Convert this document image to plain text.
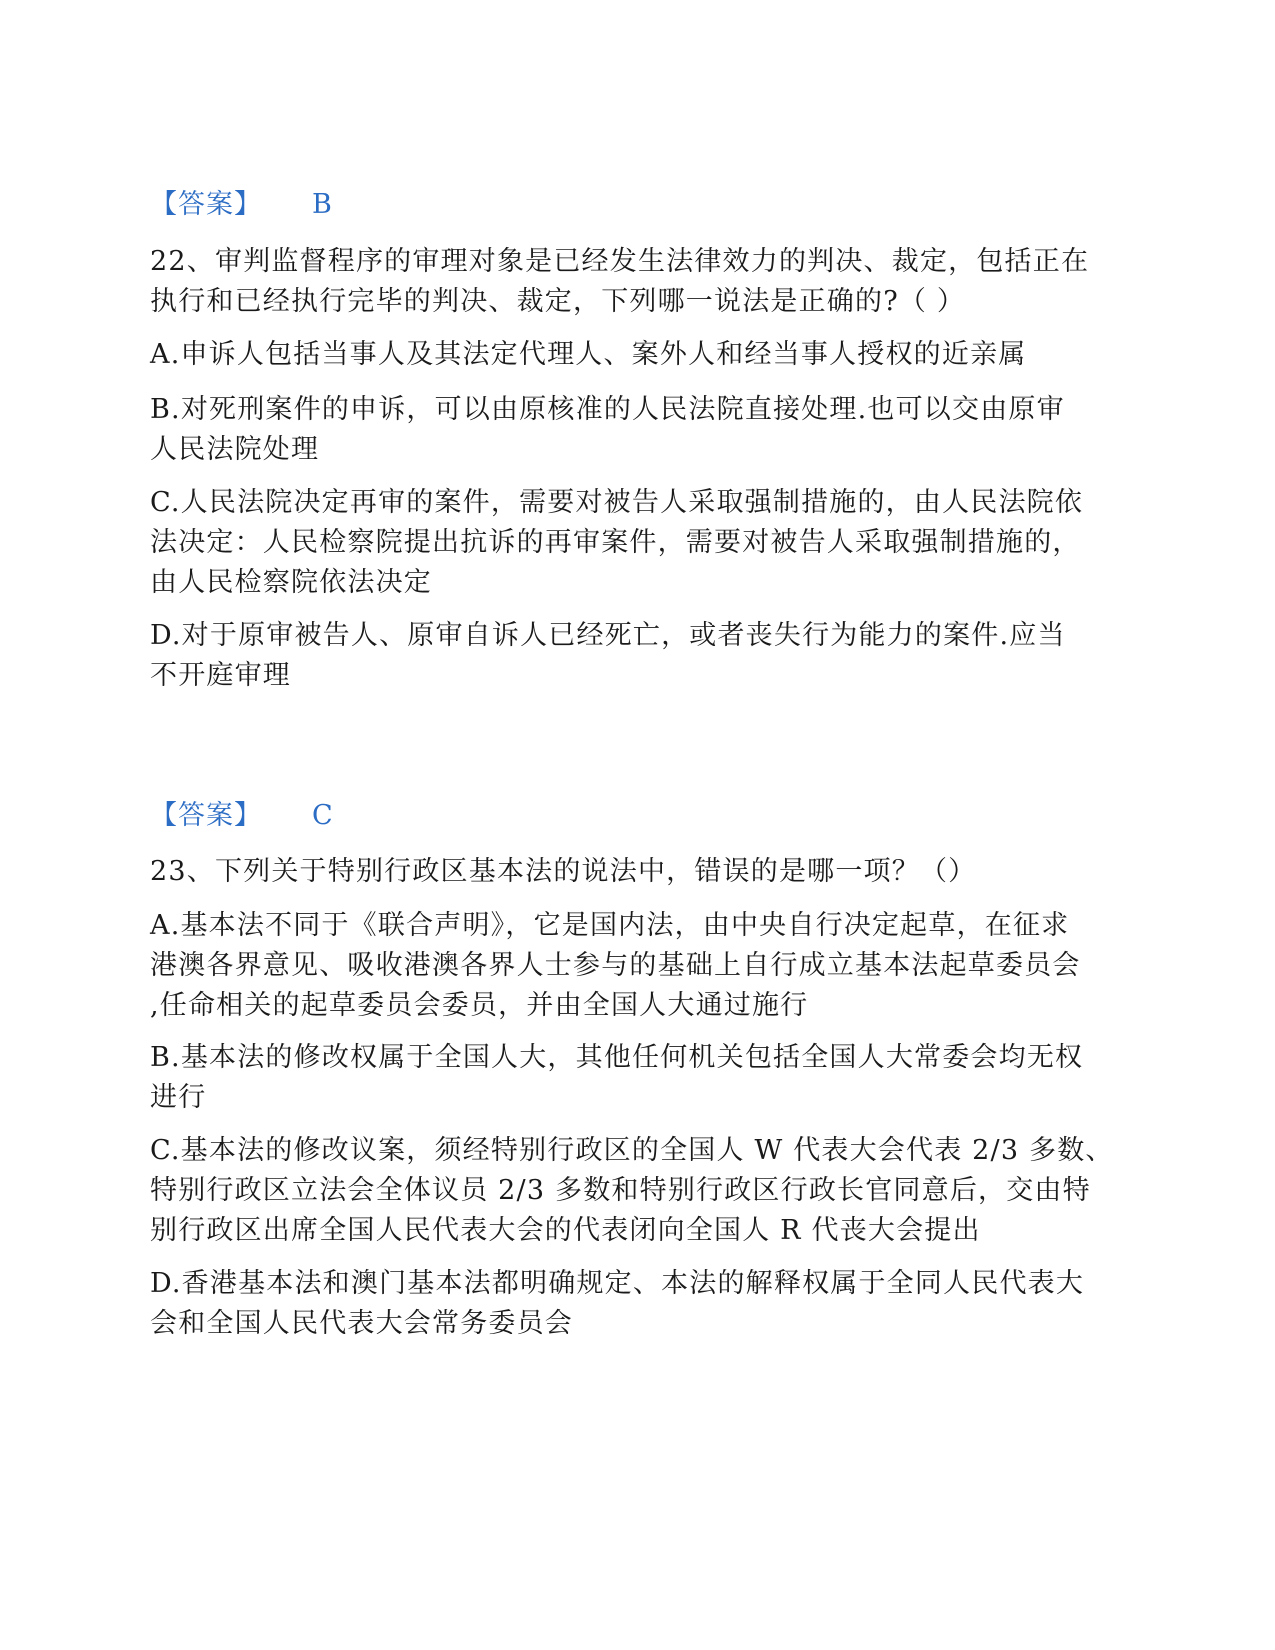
【答案】 B
22、审判监督程序的审理对象是已经发生法律效力的判决、裁定，包括正在
执行和已经执行完毕的判决、裁定，下列哪一说法是正确的?（ ）
A.申诉人包括当事人及其法定代理人、案外人和经当事人授权的近亲属
B.对死刑案件的申诉，可以由原核准的人民法院直接处理.也可以交由原审
人民法院处理
C.人民法院决定再审的案件，需要对被告人采取强制措施的，由人民法院依
法决定：人民检察院提出抗诉的再审案件，需要对被告人采取强制措施的，
由人民检察院依法决定
D.对于原审被告人、原审自诉人已经死亡，或者丧失行为能力的案件.应当
不开庭审理
【答案】 C
23、下列关于特别行政区基本法的说法中，错误的是哪一项？（）
A.基本法不同于《联合声明》，它是国内法，由中央自行决定起草，在征求
港澳各界意见、吸收港澳各界人士参与的基础上自行成立基本法起草委员会
,任命相关的起草委员会委员，并由全国人大通过施行
B.基本法的修改权属于全国人大，其他任何机关包括全国人大常委会均无权
进行
C.基本法的修改议案，须经特别行政区的全国人 W 代表大会代表 2/3 多数、
特别行政区立法会全体议员 2/3 多数和特别行政区行政长官同意后，交由特
别行政区出席全国人民代表大会的代表闭向全国人 R 代丧大会提出
D.香港基本法和澳门基本法都明确规定、本法的解释权属于全同人民代表大
会和全国人民代表大会常务委员会
